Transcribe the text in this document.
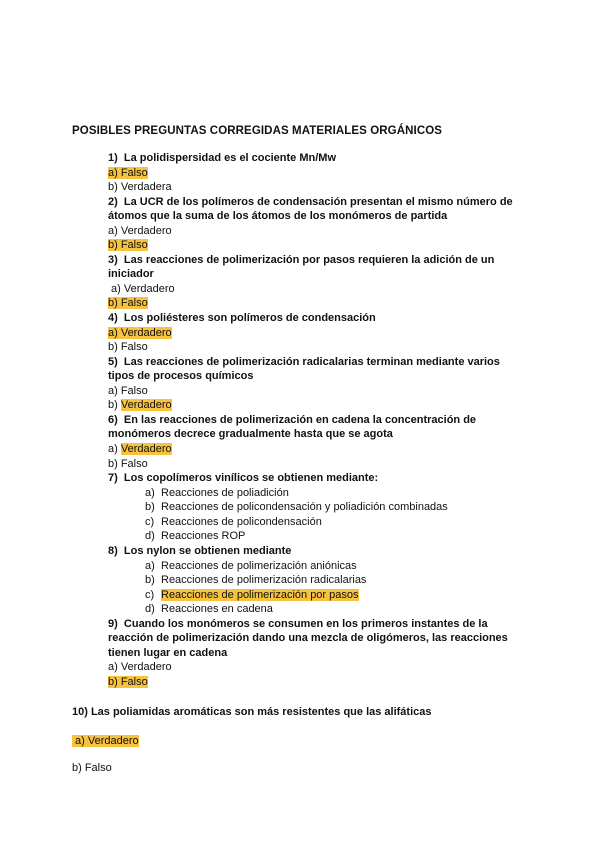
POSIBLES PREGUNTAS CORREGIDAS MATERIALES ORGÁNICOS

1) La polidispersidad es el cociente Mn/Mw

a) Falso

b) Verdadera

2) La UCR de los polímeros de condensación presentan el mismo número de átomos que la suma de los átomos de los monómeros de partida

a) Verdadero

b) Falso

3) Las reacciones de polimerización por pasos requieren la adición de un iniciador

a) Verdadero

b) Falso

4) Los poliésteres son polímeros de condensación

a) Verdadero

b) Falso

5) Las reacciones de polimerización radicalarias terminan mediante varios tipos de procesos químicos

a) Falso

b) Verdadero

6) En las reacciones de polimerización en cadena la concentración de monómeros decrece gradualmente hasta que se agota

a) Verdadero

b) Falso

7) Los copolímeros vinílicos se obtienen mediante:

a) Reacciones de poliadición

b) Reacciones de policondensación y poliadición combinadas

c) Reacciones de policondensación

d) Reacciones ROP

8) Los nylon se obtienen mediante

a) Reacciones de polimerización aniónicas

b) Reacciones de polimerización radicalarias

c) Reacciones de polimerización por pasos

d) Reacciones en cadena

9) Cuando los monómeros se consumen en los primeros instantes de la reacción de polimerización dando una mezcla de oligómeros, las reacciones tienen lugar en cadena

a) Verdadero

b) Falso

10) Las poliamidas aromáticas son más resistentes que las alifáticas
a) Verdadero
b) Falso
